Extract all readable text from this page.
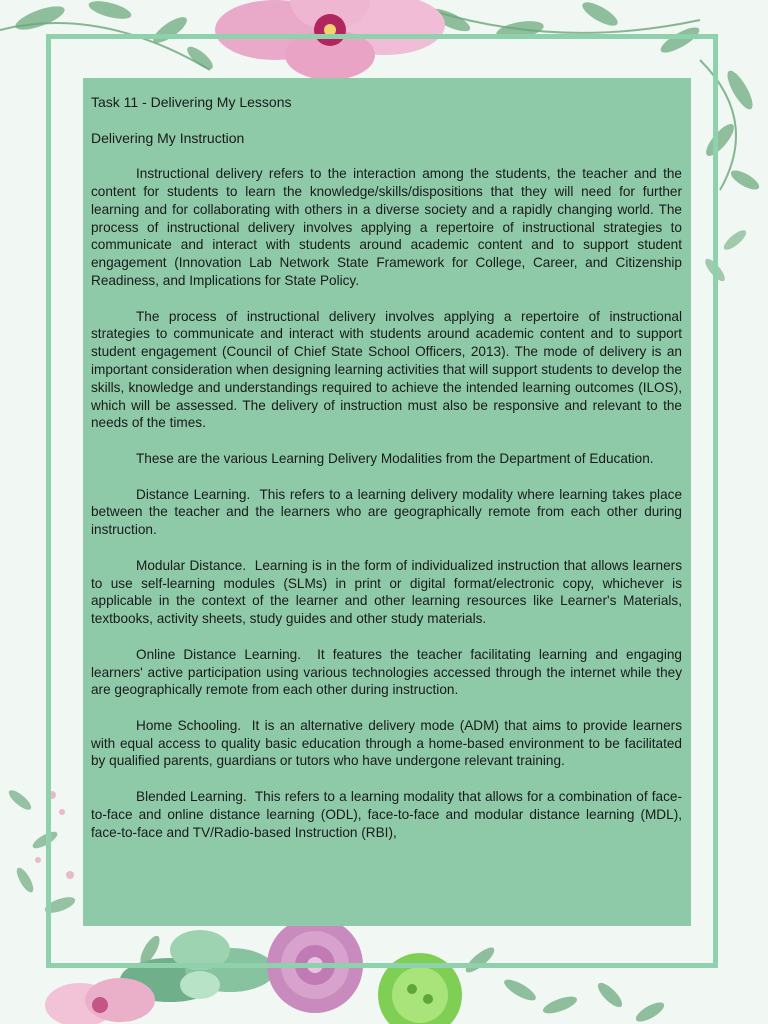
Task 11 - Delivering My Lessons
Delivering My Instruction

Instructional delivery refers to the interaction among the students, the teacher and the content for students to learn the knowledge/skills/dispositions that they will need for further learning and for collaborating with others in a diverse society and a rapidly changing world. The process of instructional delivery involves applying a repertoire of instructional strategies to communicate and interact with students around academic content and to support student engagement (Innovation Lab Network State Framework for College, Career, and Citizenship Readiness, and Implications for State Policy.

The process of instructional delivery involves applying a repertoire of instructional strategies to communicate and interact with students around academic content and to support student engagement (Council of Chief State School Officers, 2013). The mode of delivery is an important consideration when designing learning activities that will support students to develop the skills, knowledge and understandings required to achieve the intended learning outcomes (ILOS), which will be assessed. The delivery of instruction must also be responsive and relevant to the needs of the times.

These are the various Learning Delivery Modalities from the Department of Education.

Distance Learning. This refers to a learning delivery modality where learning takes place between the teacher and the learners who are geographically remote from each other during instruction.

Modular Distance. Learning is in the form of individualized instruction that allows learners to use self-learning modules (SLMs) in print or digital format/electronic copy, whichever is applicable in the context of the learner and other learning resources like Learner's Materials, textbooks, activity sheets, study guides and other study materials.

Online Distance Learning. It features the teacher facilitating learning and engaging learners' active participation using various technologies accessed through the internet while they are geographically remote from each other during instruction.

Home Schooling. It is an alternative delivery mode (ADM) that aims to provide learners with equal access to quality basic education through a home-based environment to be facilitated by qualified parents, guardians or tutors who have undergone relevant training.

Blended Learning. This refers to a learning modality that allows for a combination of face-to-face and online distance learning (ODL), face-to-face and modular distance learning (MDL), face-to-face and TV/Radio-based Instruction (RBI),
